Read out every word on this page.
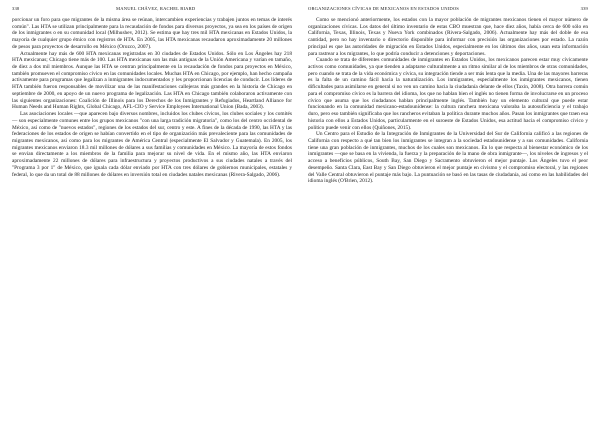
338	MANUEL CHÁVEZ, RACHEL BIARD

porcionar un foro para que migrantes de la misma área se reúnan, intercambien experiencias y trabajen juntos en temas de interés común". Las HTA se utilizan principalmente para la recaudación de fondos para diversos proyectos, ya sea en los países de origen de los inmigrantes o en su comunidad local (Milhushev, 2012). Se estima que hay tres mil HTA mexicanas en Estados Unidos, la mayoría de cualquier grupo étnico con registros de HTA. En 2005, las HTA mexicanas recaudaron aproximadamente 20 millones de pesos para proyectos de desarrollo en México (Orozco, 2007).

Actualmente hay más de 600 HTA mexicanas registradas en 30 ciudades de Estados Unidos. Sólo en Los Ángeles hay 218 HTA mexicanas; Chicago tiene más de 100. Las HTA mexicanas son las más antiguas de la Unión Americana y varían en tamaño, de diez a dos mil miembros. Aunque las HTA se centran principalmente en la recaudación de fondos para proyectos en México, también promueven el compromiso cívico en las comunidades locales. Muchas HTA en Chicago, por ejemplo, han hecho campaña activamente para programas que legalizan a inmigrantes indocumentados y les proporcionan licencias de conducir. Los líderes de HTA también fueron responsables de movilizar una de las manifestaciones callejeras más grandes en la historia de Chicago en septiembre de 2000, en apoyo de un nuevo programa de legalización. Las HTA en Chicago también colaboraron activamente con las siguientes organizaciones: Coalición de Illinois para los Derechos de los Inmigrantes y Refugiados, Heartland Alliance for Human Needs and Human Rights, Global Chicago, AFL-CIO y Service Employees International Union (Bada, 2003).

Las asociaciones locales —que aparecen bajo diversos nombres, incluidos los clubes cívicos, los clubes sociales y los comités— son especialmente comunes entre los grupos mexicanos "con una larga tradición migratoria", como los del centro occidental de México, así como de "nuevos estados", regiones de los estados del sur, centro y este. A fines de la década de 1990, las HTA y las federaciones de los estados de origen se habían convertido en el tipo de organización más prevaleciente para las comunidades de migrantes mexicanos, así como para los migrantes de América Central (especialmente El Salvador y Guatemala). En 2005, los migrantes mexicanos enviaron 18.3 mil millones de dólares a sus familias y comunidades en México. La mayoría de estos fondos se envían directamente a los miembros de la familia para mejorar su nivel de vida. En el mismo año, las HTA enviaron aproximadamente 22 millones de dólares para infraestructura y proyectos productivos a sus ciudades natales a través del "Programa 3 por 1" de México, que iguala cada dólar enviado por HTA con tres dólares de gobiernos municipales, estatales y federal, lo que da un total de 88 millones de dólares en inversión total en ciudades natales mexicanas (Rivera-Salgado, 2006).

ORGANIZACIONES CÍVICAS DE MEXICANOS EN ESTADOS UNIDOS	339

Como se mencionó anteriormente, los estados con la mayor población de migrantes mexicanos tienen el mayor número de organizaciones cívicas. Los datos del último inventario de estas CBO muestran que, hace diez años, había cerca de 600 sólo en California, Texas, Illinois, Texas y Nueva York combinados (Rivera-Salgado, 2006). Actualmente hay más del doble de esa cantidad, pero no hay inventario o directorio disponible para informar con precisión las organizaciones por estado. La razón principal es que las autoridades de migración en Estados Unidos, especialmente en los últimos dos años, usan esta información para rastrear a los migrantes, lo que podría conducir a detenciones y deportaciones.

Cuando se trata de diferentes comunidades de inmigrantes en Estados Unidos, los mexicanos parecen estar muy cívicamente activos como comunidades, ya que tienden a adaptarse culturalmente a un ritmo similar al de los miembros de otras comunidades, pero cuando se trata de la vida económica y cívica, su integración tiende a ser más lenta que la media. Una de las mayores barreras es la falta de un camino fácil hacia la naturalización. Los inmigrantes, especialmente los inmigrantes mexicanos, tienen dificultades para asimilarse en general si no ven un camino hacia la ciudadanía delante de ellos (Taxin, 2008). Otra barrera común para el compromiso cívico es la barrera del idioma, los que no hablan bien el inglés no tienen forma de involucrarse en un proceso cívico que asuma que los ciudadanos hablan principalmente inglés. También hay un elemento cultural que puede estar funcionando en la comunidad mexicano-estadounidense: la cultura ranchera mexicana valoraba la autosuficiencia y el trabajo duro, pero eso también significaba que los rancheros evitaban la política durante muchos años. Pasan los inmigrantes que traen esa historia con ellos a Estados Unidos, particularmente en el suroeste de Estados Unidos, esa actitud hacia el compromiso cívico y político puede venir con ellos (Quiñones, 2015).

Un Centro para el Estudio de la Integración de Inmigrantes de la Universidad del Sur de California calificó a las regiones de California con respecto a qué tan bien los inmigrantes se integran a la sociedad estadounidense y a sus comunidades. California tiene una gran población de inmigrantes, muchos de los cuales son mexicanos. En lo que respecta al bienestar económico de los inmigrantes —que se basa en la vivienda, la fuerza y la preparación de la mano de obra inmigrante—, los niveles de ingresos y el acceso a beneficios públicos, South Bay, San Diego y Sacramento obtuvieron el mejor puntaje. Los Ángeles tuvo el peor desempeño. Santa Clara, East Bay y San Diego obtuvieron el mejor puntaje en civismo y el compromiso electoral, y las regiones del Valle Central obtuvieron el puntaje más bajo. La puntuación se basó en las tasas de ciudadanía, así como en las habilidades del idioma inglés (O'Brien, 2012).
